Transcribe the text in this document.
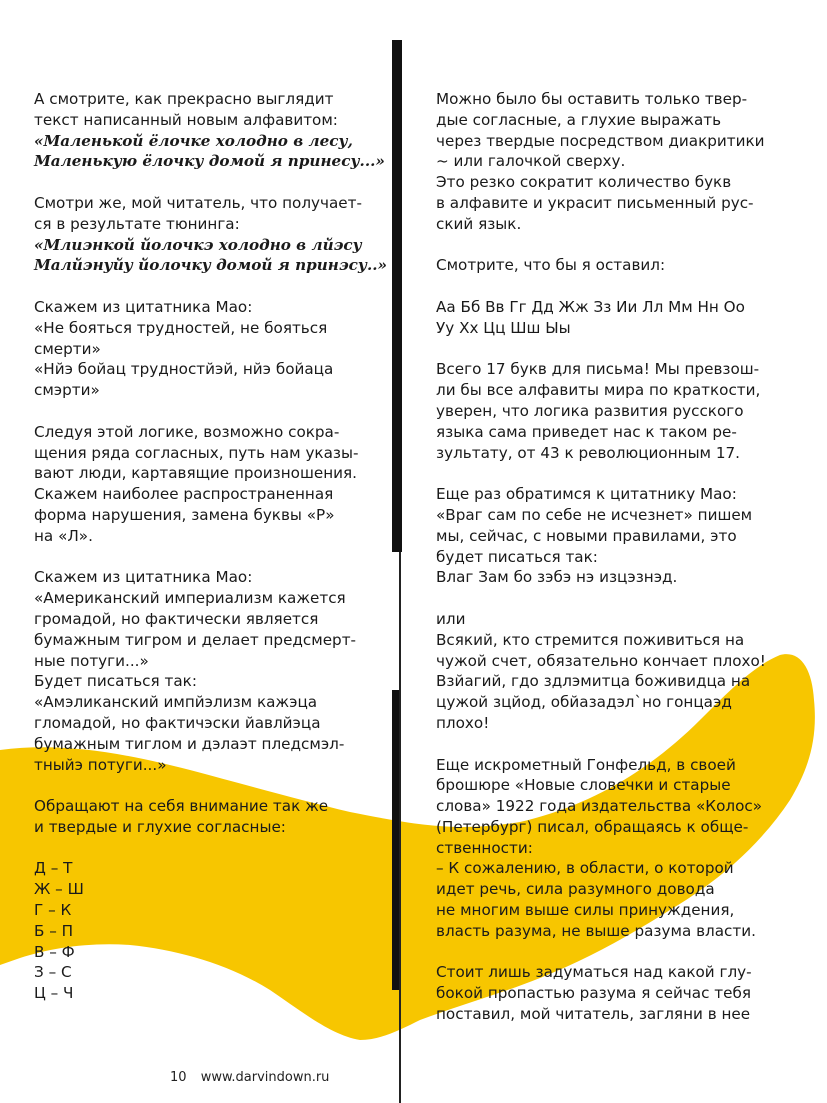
А смотрите, как прекрасно выглядит
текст написанный новым алфавитом:
«Маленькой ёлочке холодно в лесу,
Маленькую ёлочку домой я принесу...»
Смотри же, мой читатель, что получает-
ся в результате тюнинга:
«Млиэнкой йолочкэ холодно в лйэсу
Малйэнуйу йолочку домой я принэсу..»
Скажем из цитатника Мао:
«Не бояться трудностей, не бояться
смерти»
«Нйэ бойац трудностйэй, нйэ бойаца
смэрти»
Следуя этой логике, возможно сокра-
щения ряда согласных, путь нам указы-
вают люди, картавящие произношения.
Скажем наиболее распространенная
форма нарушения, замена буквы «Р»
на «Л».
Скажем из цитатника Мао:
«Американский империализм кажется
громадой, но фактически является
бумажным тигром и делает предсмерт-
ные потуги...»
Будет писаться так:
«Амэликанский импйэлизм кажэца
гломадой, но фактичэски йавлйэца
бумажным тиглом и дэлаэт пледсмэл-
тныйэ потуги...»
Обращают на себя внимание так же
и твердые и глухие согласные:
Д – Т
Ж – Ш
Г – К
Б – П
В – Ф
З – С
Ц – Ч
Можно было бы оставить только твер-
дые согласные, а глухие выражать
через твердые посредством диакритики
~ или галочкой сверху.
Это резко сократит количество букв
в алфавите и украсит письменный рус-
ский язык.
Смотрите, что бы я оставил:
Аа Бб Вв Гг Дд Жж Зз Ии Лл Мм Нн Оо
Уу Хх Цц Шш Ыы
Всего 17 букв для письма! Мы превзош-
ли бы все алфавиты мира по краткости,
уверен, что логика развития русского
языка сама приведет нас к таком ре-
зультату, от 43 к революционным 17.
Еще раз обратимся к цитатнику Мао:
«Враг сам по себе не исчезнет» пишем
мы, сейчас, с новыми правилами, это
будет писаться так:
Влаг Зам бо зэбэ нэ изцэзнэд.
или
Всякий, кто стремится поживиться на
чужой счет, обязательно кончает плохо!
Взйагий, гдо здлэмитца боживидца на
цужой зцйод, обйазадэл`но гонцаэд
плохо!
Еще искрометный Гонфельд, в своей
брошюре «Новые словечки и старые
слова» 1922 года издательства «Колос»
(Петербург) писал, обращаясь к обще-
ственности:
– К сожалению, в области, о которой
идет речь, сила разумного довода
не многим выше силы принуждения,
власть разума, не выше разума власти.
Стоит лишь задуматься над какой глу-
бокой пропастью разума я сейчас тебя
поставил, мой читатель, загляни в нее
10 www.darvindown.ru
